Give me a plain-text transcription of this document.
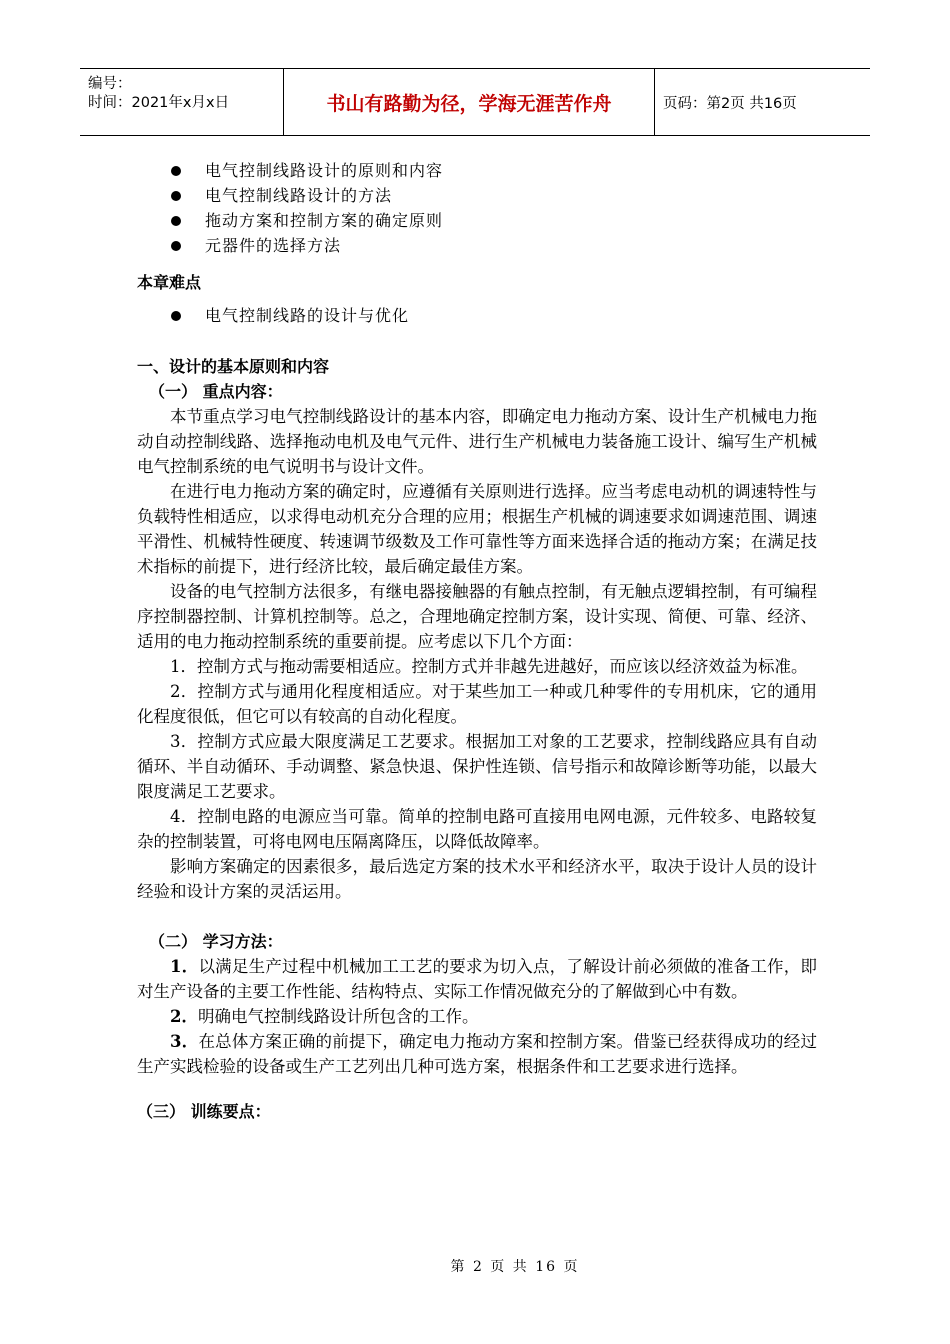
编号：
时间：2021年x月x日	书山有路勤为径，学海无涯苦作舟	页码：第2页 共16页
电气控制线路设计的原则和内容
电气控制线路设计的方法
拖动方案和控制方案的确定原则
元器件的选择方法
本章难点
电气控制线路的设计与优化
一、设计的基本原则和内容
（一） 重点内容：

本节重点学习电气控制线路设计的基本内容，即确定电力拖动方案、设计生产机械电力拖动自动控制线路、选择拖动电机及电气元件、进行生产机械电力装备施工设计、编写生产机械电气控制系统的电气说明书与设计文件。

在进行电力拖动方案的确定时，应遵循有关原则进行选择。应当考虑电动机的调速特性与负载特性相适应，以求得电动机充分合理的应用；根据生产机械的调速要求如调速范围、调速平滑性、机械特性硬度、转速调节级数及工作可靠性等方面来选择合适的拖动方案；在满足技术指标的前提下，进行经济比较，最后确定最佳方案。

设备的电气控制方法很多，有继电器接触器的有触点控制，有无触点逻辑控制，有可编程序控制器控制、计算机控制等。总之，合理地确定控制方案，设计实现、简便、可靠、经济、适用的电力拖动控制系统的重要前提。应考虑以下几个方面：

1．控制方式与拖动需要相适应。控制方式并非越先进越好，而应该以经济效益为标准。

2．控制方式与通用化程度相适应。对于某些加工一种或几种零件的专用机床，它的通用化程度很低，但它可以有较高的自动化程度。

3．控制方式应最大限度满足工艺要求。根据加工对象的工艺要求，控制线路应具有自动循环、半自动循环、手动调整、紧急快退、保护性连锁、信号指示和故障诊断等功能，以最大限度满足工艺要求。

4．控制电路的电源应当可靠。简单的控制电路可直接用电网电源，元件较多、电路较复杂的控制装置，可将电网电压隔离降压，以降低故障率。

影响方案确定的因素很多，最后选定方案的技术水平和经济水平，取决于设计人员的设计经验和设计方案的灵活运用。

（二） 学习方法：

1．以满足生产过程中机械加工工艺的要求为切入点，了解设计前必须做的准备工作，即对生产设备的主要工作性能、结构特点、实际工作情况做充分的了解做到心中有数。

2．明确电气控制线路设计所包含的工作。

3．在总体方案正确的前提下，确定电力拖动方案和控制方案。借鉴已经获得成功的经过生产实践检验的设备或生产工艺列出几种可选方案，根据条件和工艺要求进行选择。

（三） 训练要点：
第 2 页 共 16 页
